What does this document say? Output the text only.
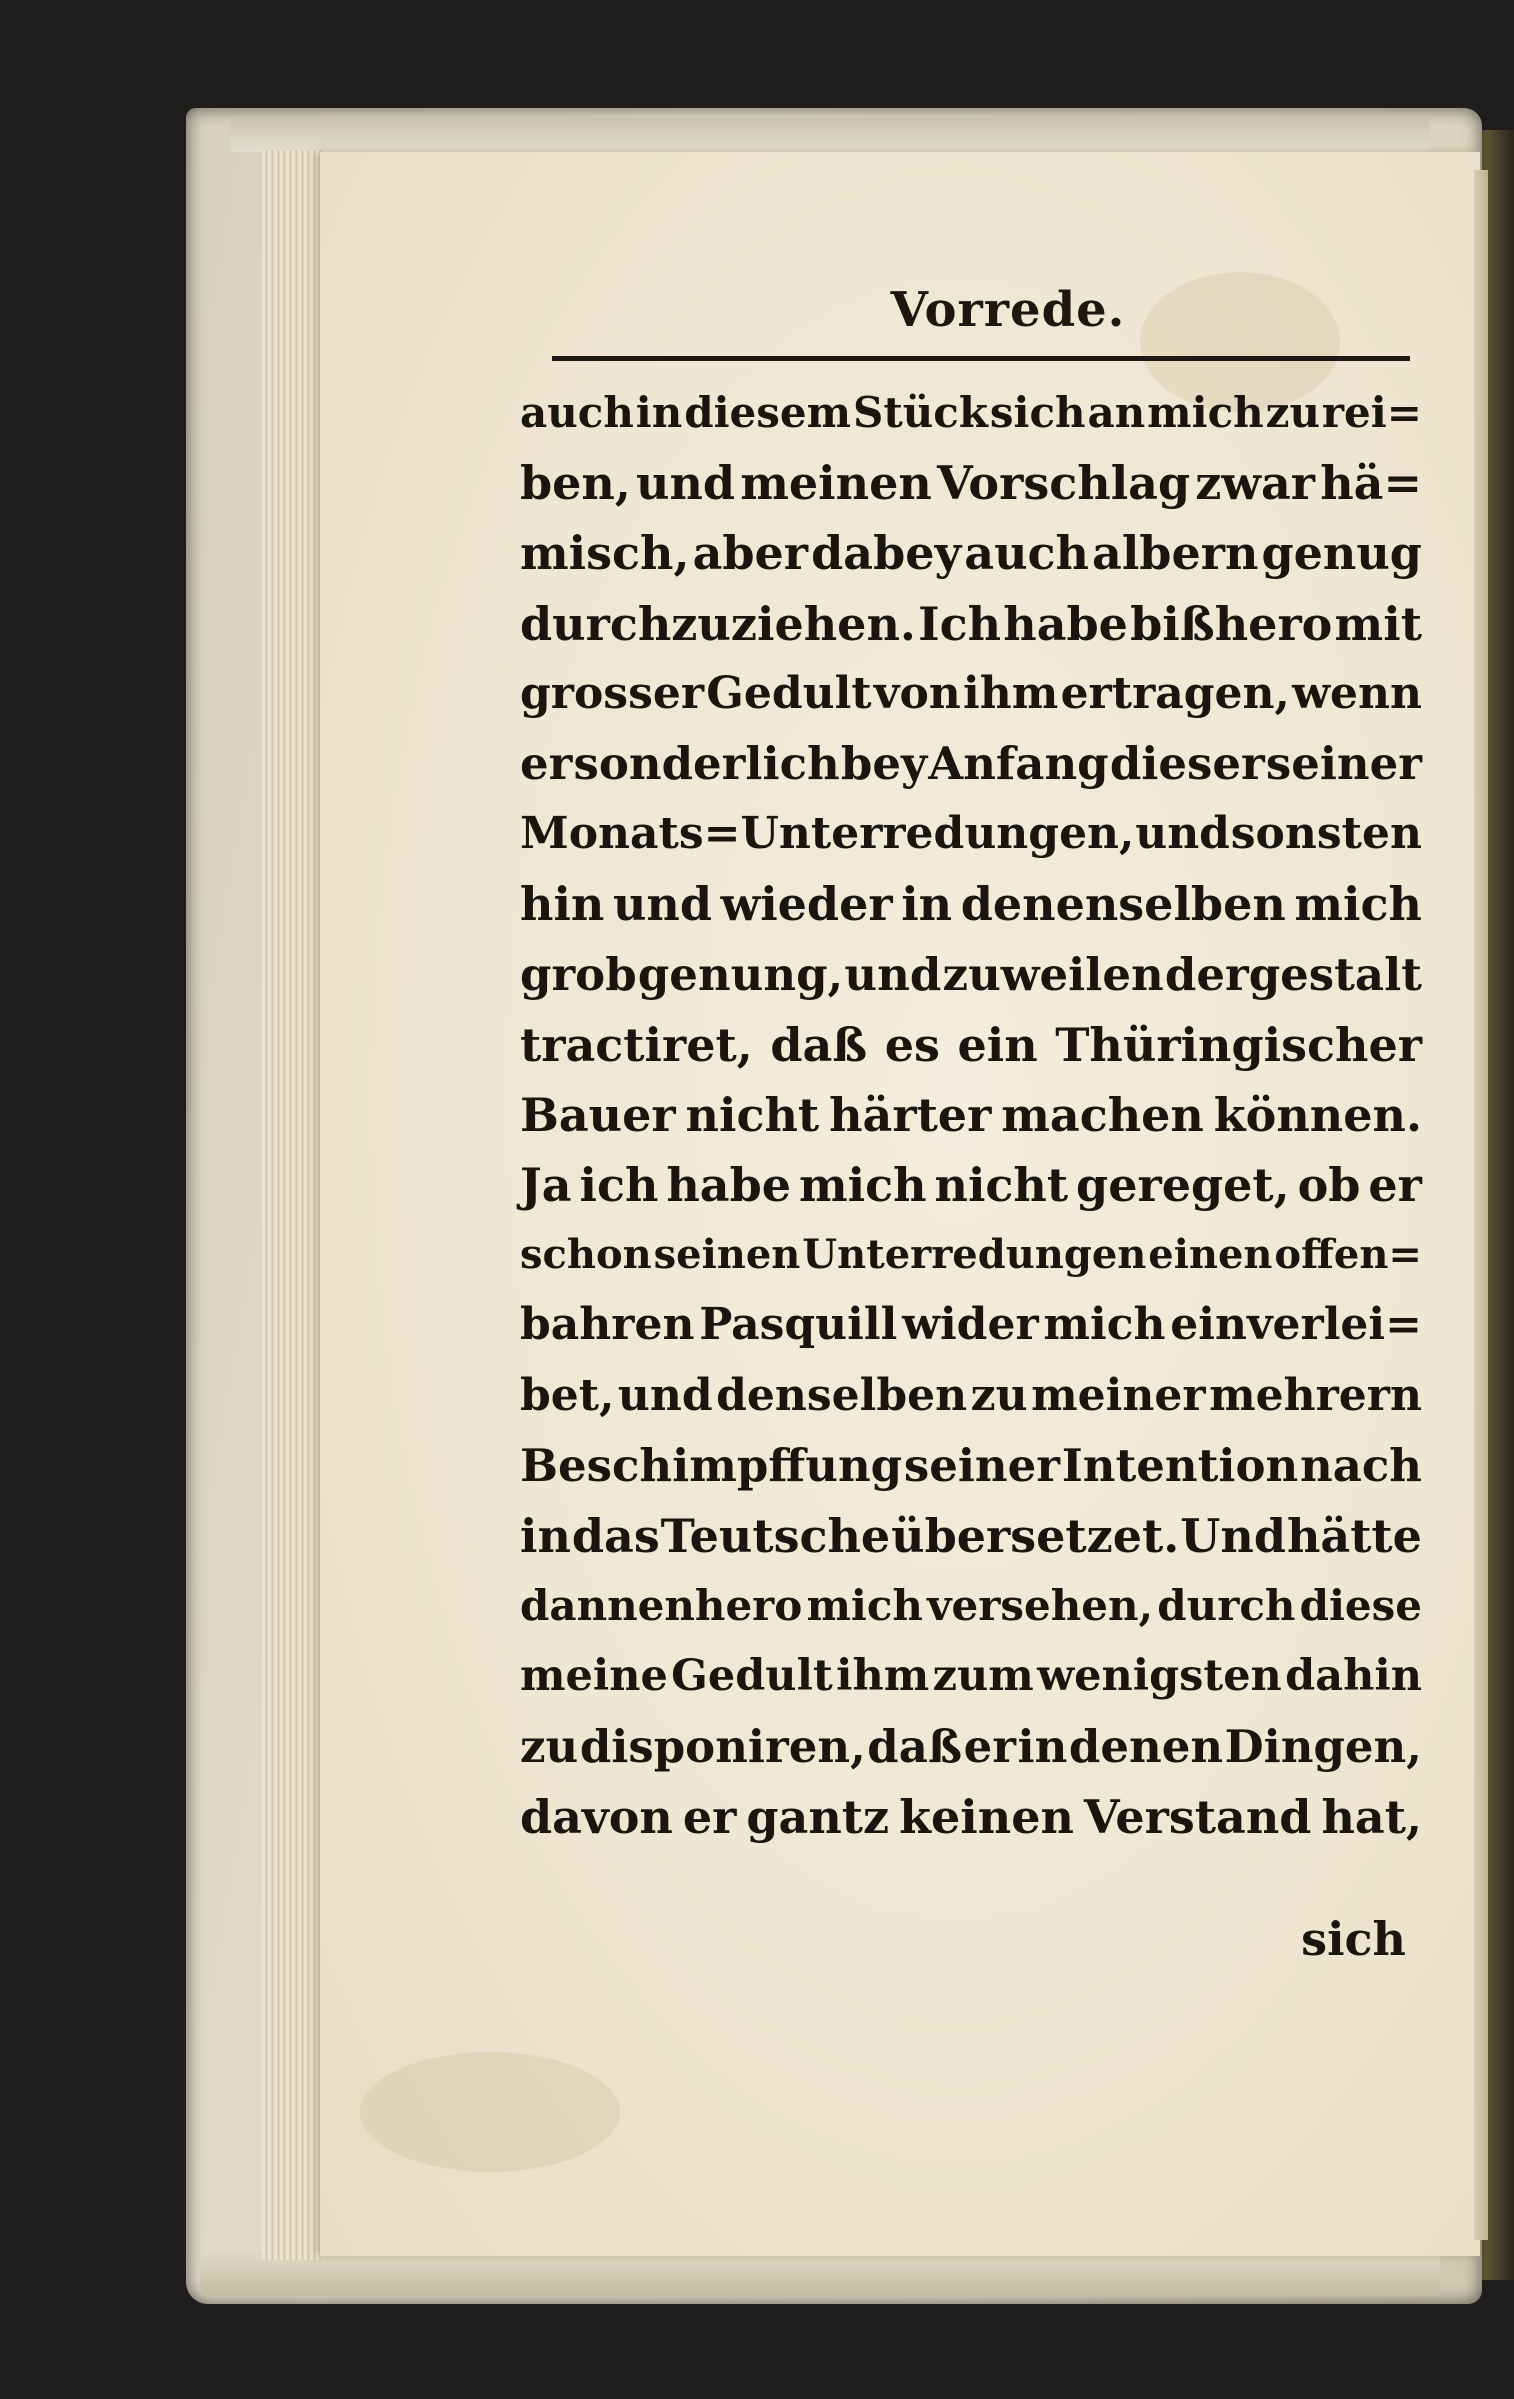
Vorrede.
auch in diesem Stück sich an mich zu rei=
ben, und meinen Vorschlag zwar hä=
misch, aber dabey auch albern genug
durchzuziehen. Ich habe bißhero mit
grosser Gedult von ihm ertragen, wenn
er sonderlich bey Anfang dieser seiner
Monats=Unterredungen, und sonsten
hin und wieder in denenselben mich
grob genung, und zuweilen dergestalt
tractiret, daß es ein Thüringischer
Bauer nicht härter machen können.
Ja ich habe mich nicht gereget, ob er
schon seinen Unterredungen einen offen=
bahren Pasquill wider mich einverlei=
bet, und denselben zu meiner mehrern
Beschimpffung seiner Intention nach
in das Teutsche übersetzet. Und hätte
dannenhero mich versehen, durch diese
meine Gedult ihm zum wenigsten dahin
zu disponiren, daß er in denen Dingen,
davon er gantz keinen Verstand hat,
sich
